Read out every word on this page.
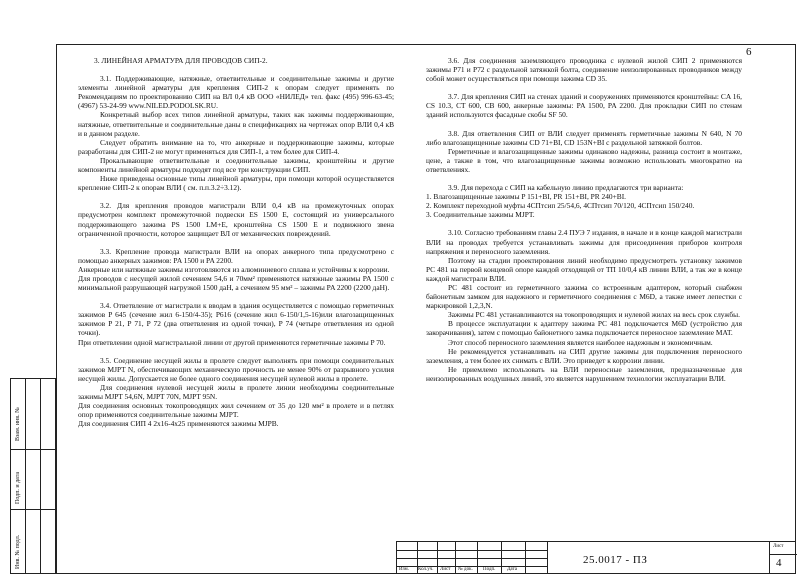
6
Инв. № подл.
Подп. и дата
Взам. инв. №

3. ЛИНЕЙНАЯ АРМАТУРА ДЛЯ ПРОВОДОВ СИП-2.

3.1. Поддерживающие, натяжные, ответвительные и соединительные зажимы и другие элементы линейной арматуры для крепления СИП-2 к опорам следует применять по Рекомендациям по проектированию СИП на ВЛ 0,4 кВ ООО «НИЛЕД» тел. факс (495) 996-63-45; (4967) 53-24-99 www.NILED.PODOLSK.RU.

Конкретный выбор всех типов линейной арматуры, таких как зажимы поддерживающие, натяжные, ответвительные и соединительные даны в спецификациях на чертежах опор ВЛИ 0,4 кВ и в данном разделе.

Следует обратить внимание на то, что анкерные и поддерживающие зажимы, которые разработаны для СИП-2 не могут применяться для СИП-1, а тем более для СИП-4.

Прокалывающие ответвительные и соединительные зажимы, кронштейны и другие компоненты линейной арматуры подходят под все три конструкции СИП.

Ниже приведены основные типы линейной арматуры, при помощи которой осуществляется крепление СИП-2 к опорам ВЛИ ( см. п.п.3.2÷3.12).

3.2. Для крепления проводов магистрали ВЛИ 0,4 кВ на промежуточных опорах предусмотрен комплект промежуточной подвески ES 1500 E, состоящий из универсального поддерживающего зажима PS 1500 LM+E, кронштейна CS 1500 E и подвижного звена ограниченной прочности, которое защищает ВЛ от механических повреждений.

3.3. Крепление провода магистрали ВЛИ на опорах анкерного типа предусмотрено с помощью анкерных зажимов: PA 1500 и PA 2200.

Анкерные или натяжные зажимы изготовляются из алюминиевого сплава и устойчивы к коррозии.

Для проводов с несущей жилой сечением 54,6 и 70мм² применяются натяжные зажимы PA 1500 с минимальной разрушающей нагрузкой 1500 даН, а сечением 95 мм² – зажимы PA 2200 (2200 даН).

3.4. Ответвление от магистрали к вводам в здания осуществляется с помощью герметичных зажимов P 645 (сечение жил 6-150/4-35); P616 (сечение жил 6-150/1,5-16)или влагозащищенных зажимов P 21, P 71, P 72 (два ответвления из одной точки), P 74 (четыре ответвления из одной точки).

При ответвлении одной магистральной линии от другой применяются герметичные зажимы P 70.

3.5. Соединение несущей жилы в пролете следует выполнять при помощи соединительных зажимов MJPT N, обеспечивающих механическую прочность не менее 90% от разрывного усилия несущей жилы. Допускается не более одного соединения несущей нулевой жилы в пролете.

Для соединения нулевой несущей жилы в пролете линии необходимы соединительные зажимы MJPT 54,6N, MJPT 70N, MJPT 95N.

Для соединения основных токопроводящих жил сечением от 35 до 120 мм² в пролете и в петлях опор применяются соединительные зажимы MJPT.

Для соединения СИП 4 2x16-4x25 применяются зажимы MJPB.

3.6. Для соединения заземляющего проводника с нулевой жилой СИП 2 применяются зажимы P71 и P72 с раздельной затяжкой болта, соединение неизолированных проводников между собой может осуществляться при помощи зажима CD 35.

3.7. Для крепления СИП на стенах зданий и сооружениях применяются кронштейны: CA 16, CS 10.3, CT 600, CB 600, анкерные зажимы: PA 1500, PA 2200. Для прокладки СИП по стенам зданий используются фасадные скобы SF 50.

3.8. Для ответвления СИП от ВЛИ следует применять герметичные зажимы N 640, N 70 либо влагозащищенные зажимы CD 71+BI, CD 153N+BI с раздельной затяжкой болтов.

Герметичные и влагозащищенные зажимы одинаково надежны, разница состоит в монтаже, цене, а также в том, что влагозащищенные зажимы возможно использовать многократно на ответвлениях.

3.9. Для перехода с СИП на кабельную линию предлагаются три варианта:

1. Влагозащищенные зажимы P 151+BI, PR 151+BI, PR 240+BI.

2. Комплект переходной муфты 4СПтсип 25/54,6, 4СПтсип 70/120, 4СПтсип 150/240.

3. Соединительные зажимы MJPT.

3.10. Согласно требованиям главы 2.4 ПУЭ 7 издания, в начале и в конце каждой магистрали ВЛИ на проводах требуется устанавливать зажимы для присоединения приборов контроля напряжения и переносного заземления.

Поэтому на стадии проектирования линий необходимо предусмотреть установку зажимов PC 481 на первой концевой опоре каждой отходящей от ТП 10/0,4 кВ линии ВЛИ, а так же в конце каждой магистрали ВЛИ.

PC 481 состоит из герметичного зажима со встроенным адаптером, который снабжен байонетным замком для надежного и герметичного соединения с M6D, а также имеет лепестки с маркировкой 1,2,3,N.

Зажимы PC 481 устанавливаются на токопроводящих и нулевой жилах на весь срок службы.

В процессе эксплуатации к адаптеру зажима PC 481 подключается M6D (устройство для закорачивания), затем с помощью байонетного замка подключается переносное заземление MAT.

Этот способ переносного заземления является наиболее надежным и экономичным.

Не рекомендуется устанавливать на СИП другие зажимы для подключения переносного заземления, а тем более их снимать с ВЛИ. Это приведет к коррозии линии.

Не приемлемо использовать на ВЛИ переносные заземления, предназначенные для неизолированных воздушных линий, это является нарушением технологии эксплуатации ВЛИ.

Изм. Кол.уч. Лист № док. Подп. Дата
25.0017 - ПЗ
Лист
4
